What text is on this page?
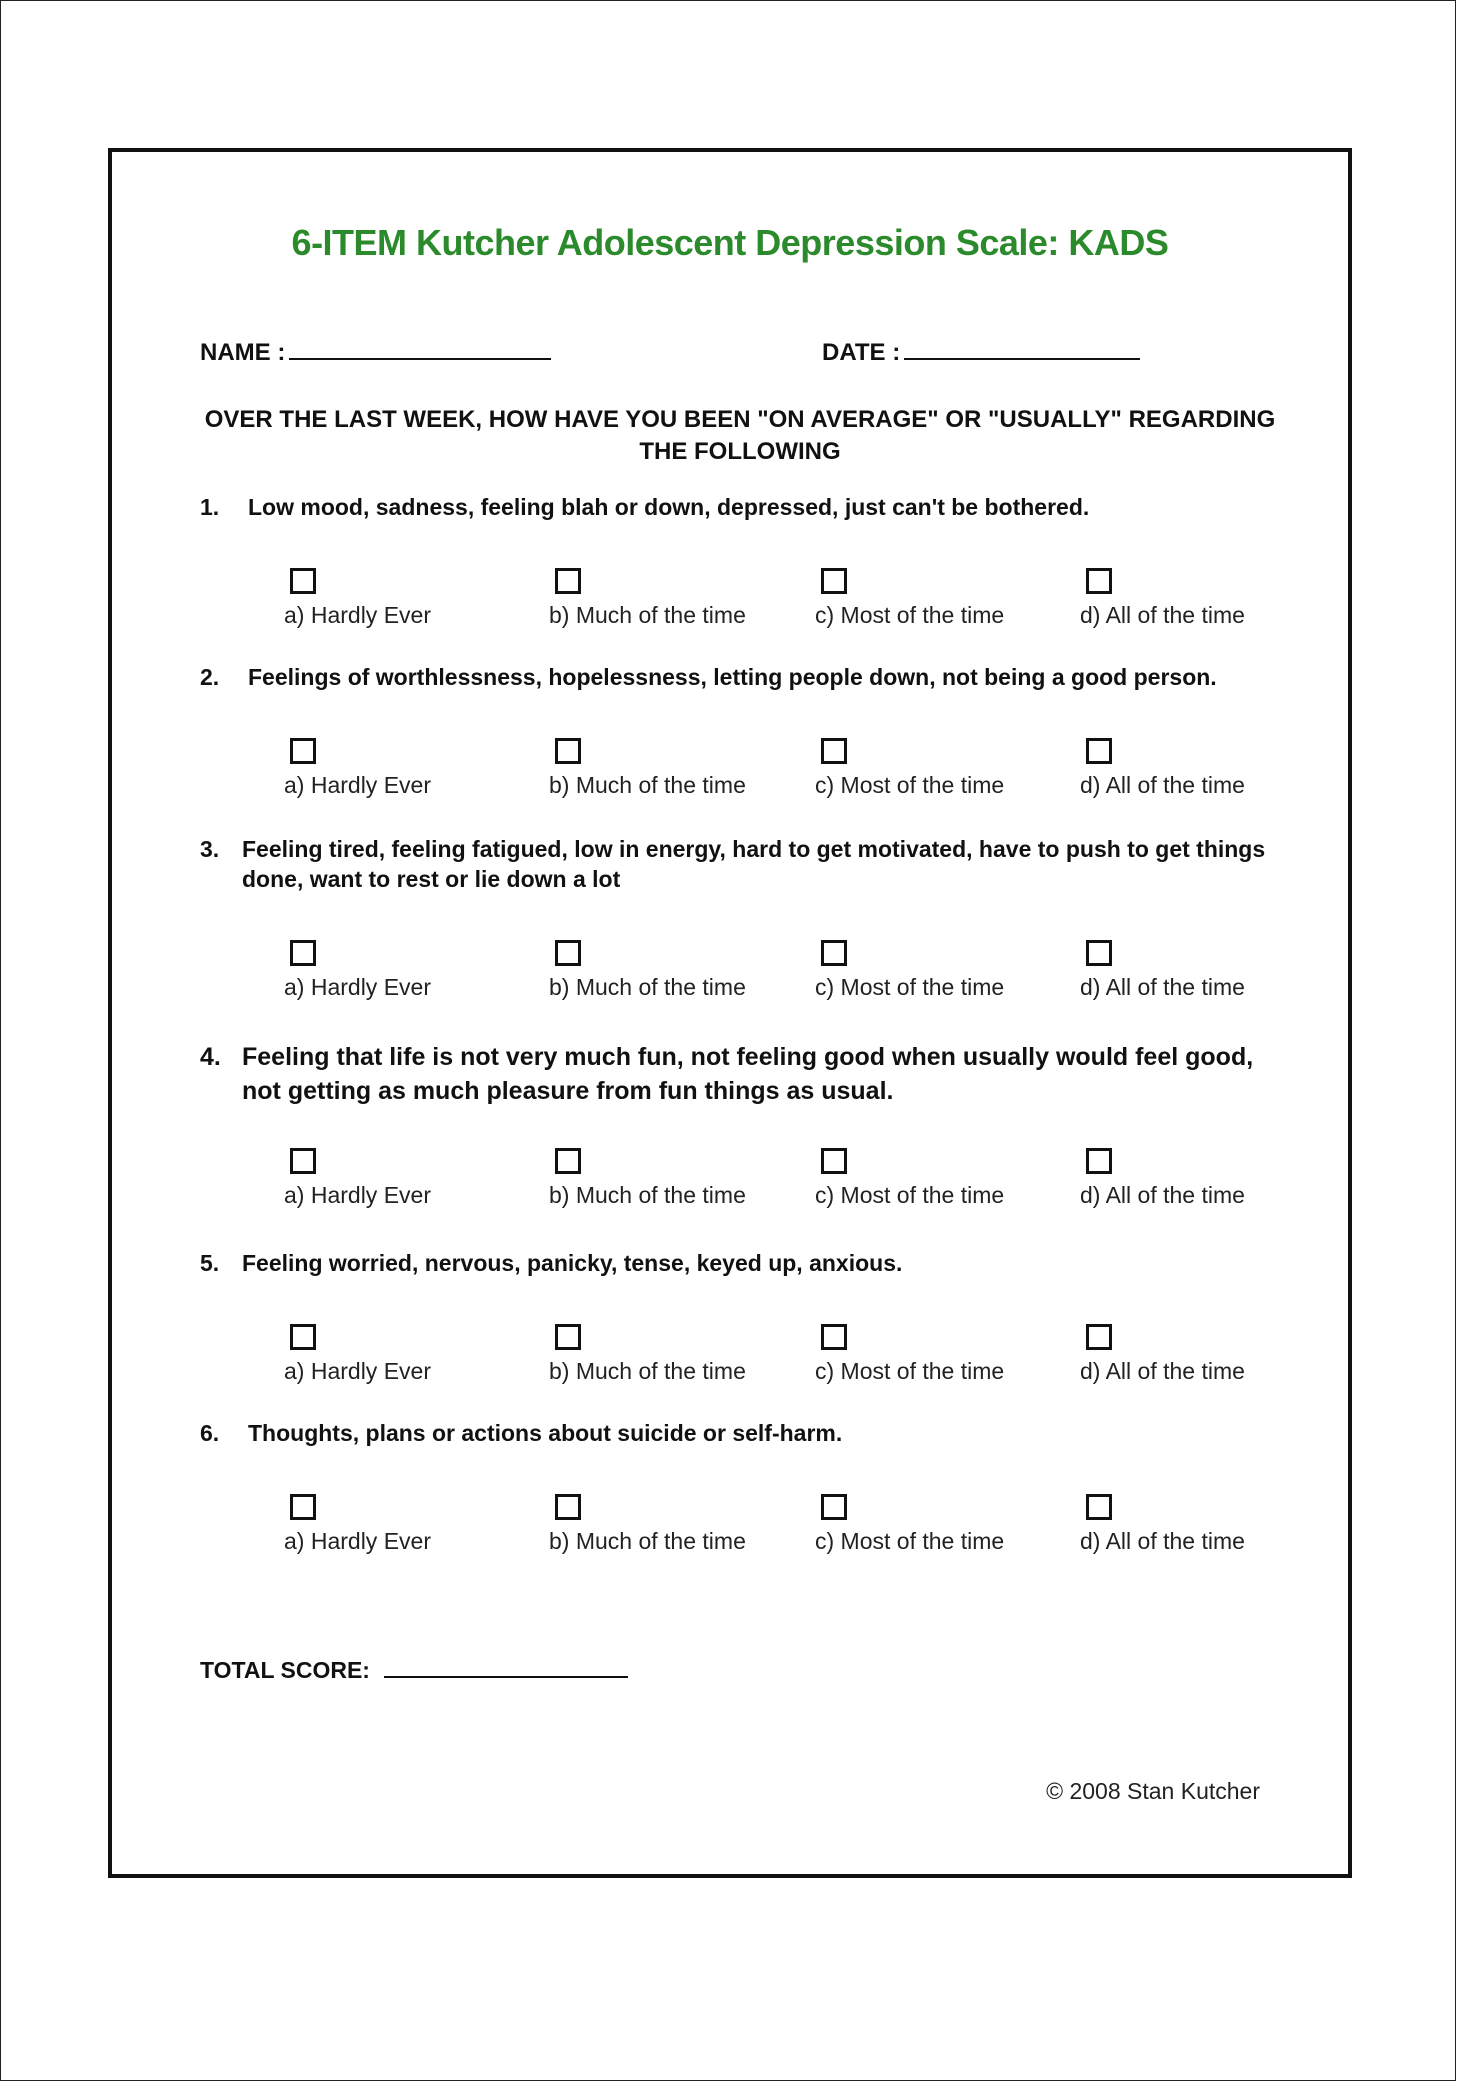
6-ITEM Kutcher Adolescent Depression Scale: KADS
NAME :	DATE :
OVER THE LAST WEEK, HOW HAVE YOU BEEN "ON AVERAGE" OR "USUALLY" REGARDING THE FOLLOWING
1. Low mood, sadness, feeling blah or down, depressed, just can't be bothered.
a) Hardly Ever	b) Much of the time	c) Most of the time	d) All of the time
2. Feelings of worthlessness, hopelessness, letting people down, not being a good person.
a) Hardly Ever	b) Much of the time	c) Most of the time	d) All of the time
3. Feeling tired, feeling fatigued, low in energy, hard to get motivated, have to push to get things done, want to rest or lie down a lot
a) Hardly Ever	b) Much of the time	c) Most of the time	d) All of the time
4. Feeling that life is not very much fun, not feeling good when usually would feel good, not getting as much pleasure from fun things as usual.
a) Hardly Ever	b) Much of the time	c) Most of the time	d) All of the time
5. Feeling worried, nervous, panicky, tense, keyed up, anxious.
a) Hardly Ever	b) Much of the time	c) Most of the time	d) All of the time
6. Thoughts, plans or actions about suicide or self-harm.
a) Hardly Ever	b) Much of the time	c) Most of the time	d) All of the time
TOTAL SCORE:
© 2008 Stan Kutcher
